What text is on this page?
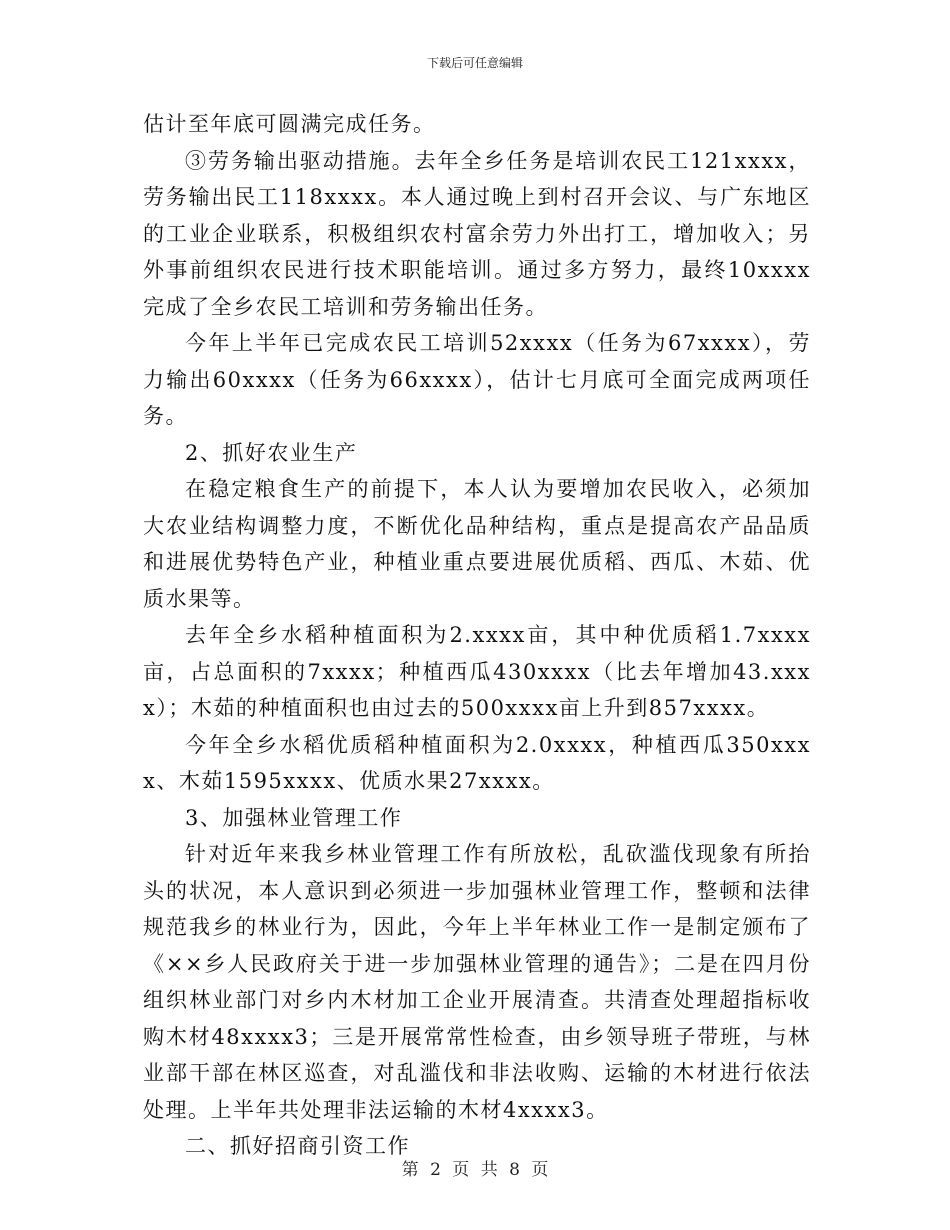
下载后可任意编辑

估计至年底可圆满完成任务。

③劳务输出驱动措施。去年全乡任务是培训农民工121xxxx，劳务输出民工118xxxx。本人通过晚上到村召开会议、与广东地区的工业企业联系，积极组织农村富余劳力外出打工，增加收入；另外事前组织农民进行技术职能培训。通过多方努力，最终10xxxx完成了全乡农民工培训和劳务输出任务。

今年上半年已完成农民工培训52xxxx（任务为67xxxx），劳力输出60xxxx（任务为66xxxx），估计七月底可全面完成两项任务。

2、抓好农业生产

在稳定粮食生产的前提下，本人认为要增加农民收入，必须加大农业结构调整力度，不断优化品种结构，重点是提高农产品品质和进展优势特色产业，种植业重点要进展优质稻、西瓜、木茹、优质水果等。

去年全乡水稻种植面积为2.xxxx亩，其中种优质稻1.7xxxx亩，占总面积的7xxxx；种植西瓜430xxxx（比去年增加43.xxxx）；木茹的种植面积也由过去的500xxxx亩上升到857xxxx。

今年全乡水稻优质稻种植面积为2.0xxxx，种植西瓜350xxxx、木茹1595xxxx、优质水果27xxxx。

3、加强林业管理工作

针对近年来我乡林业管理工作有所放松，乱砍滥伐现象有所抬头的状况，本人意识到必须进一步加强林业管理工作，整顿和法律规范我乡的林业行为，因此，今年上半年林业工作一是制定颁布了《××乡人民政府关于进一步加强林业管理的通告》；二是在四月份组织林业部门对乡内木材加工企业开展清查。共清查处理超指标收购木材48xxxx3；三是开展常常性检查，由乡领导班子带班，与林业部干部在林区巡查，对乱滥伐和非法收购、运输的木材进行依法处理。上半年共处理非法运输的木材4xxxx3。

二、抓好招商引资工作

第 2 页 共 8 页
